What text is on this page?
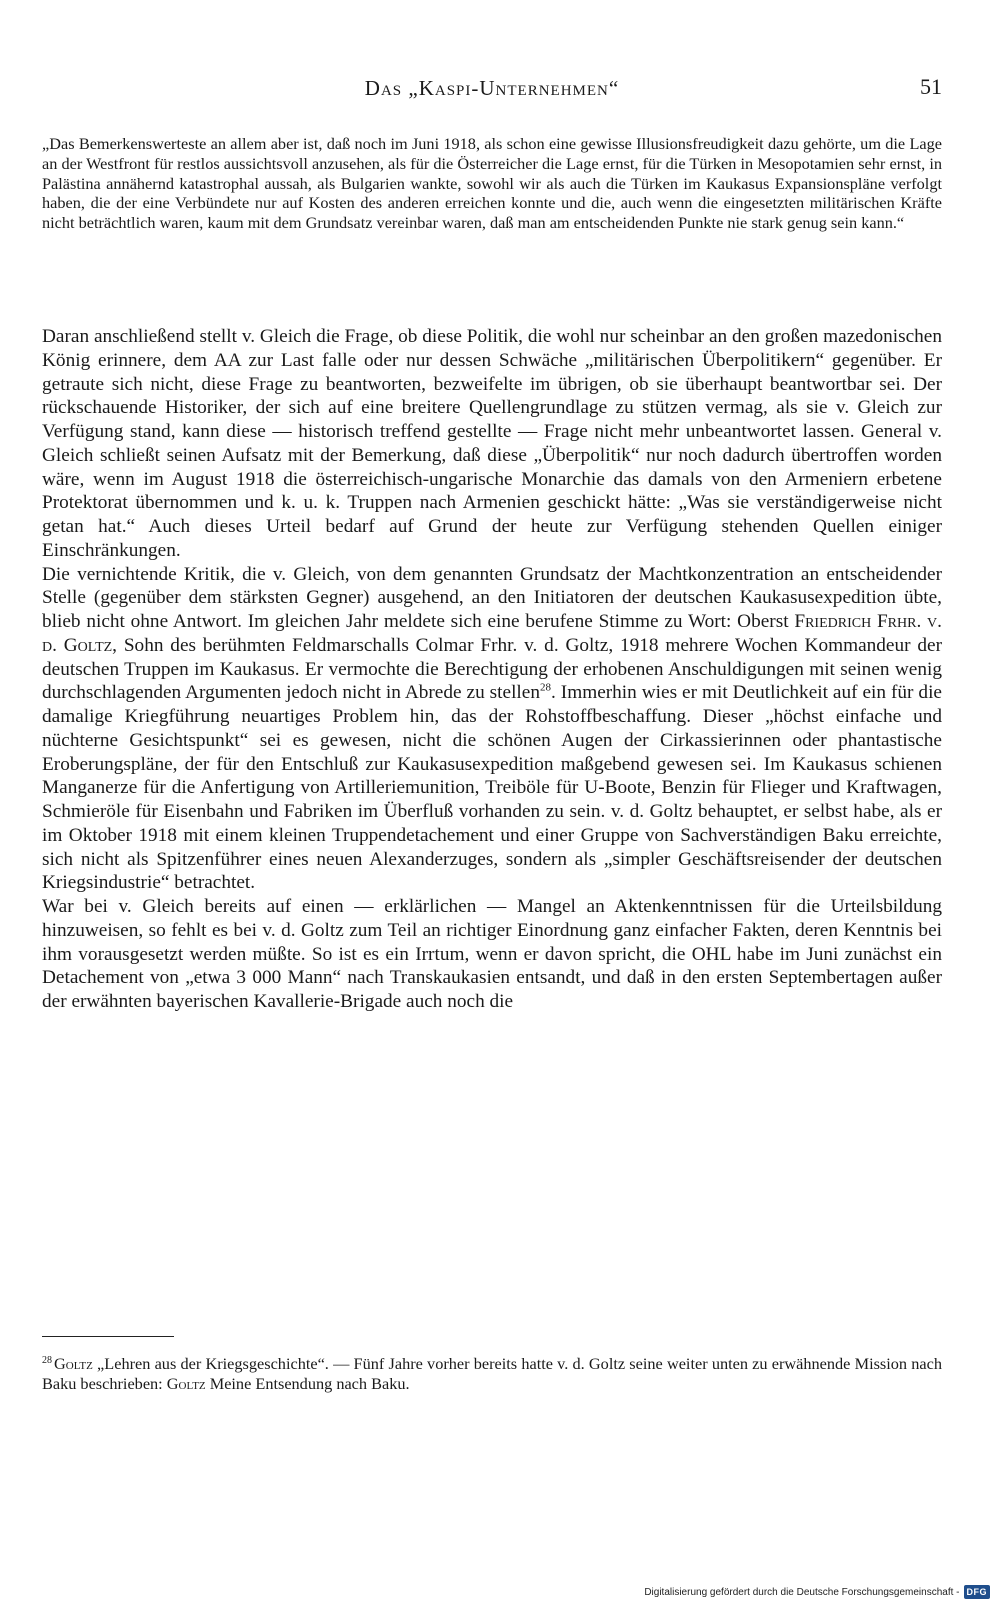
Das „Kaspi-Unternehmen“	51
„Das Bemerkenswerteste an allem aber ist, daß noch im Juni 1918, als schon eine gewisse Illusionsfreudigkeit dazu gehörte, um die Lage an der Westfront für restlos aussichtsvoll anzusehen, als für die Österreicher die Lage ernst, für die Türken in Mesopotamien sehr ernst, in Palästina annähernd katastrophal aussah, als Bulgarien wankte, sowohl wir als auch die Türken im Kaukasus Expansionspläne verfolgt haben, die der eine Verbündete nur auf Kosten des anderen erreichen konnte und die, auch wenn die eingesetzten militärischen Kräfte nicht beträchtlich waren, kaum mit dem Grundsatz vereinbar waren, daß man am entscheidenden Punkte nie stark genug sein kann.“

Daran anschließend stellt v. Gleich die Frage, ob diese Politik, die wohl nur scheinbar an den großen mazedonischen König erinnere, dem AA zur Last falle oder nur dessen Schwäche „militärischen Überpolitikern“ gegenüber. Er getraute sich nicht, diese Frage zu beantworten, bezweifelte im übrigen, ob sie überhaupt beantwortbar sei. Der rückschauende Historiker, der sich auf eine breitere Quellengrundlage zu stützen vermag, als sie v. Gleich zur Verfügung stand, kann diese — historisch treffend gestellte — Frage nicht mehr unbeantwortet lassen. General v. Gleich schließt seinen Aufsatz mit der Bemerkung, daß diese „Überpolitik“ nur noch dadurch übertroffen worden wäre, wenn im August 1918 die österreichisch-ungarische Monarchie das damals von den Armeniern erbetene Protektorat übernommen und k. u. k. Truppen nach Armenien geschickt hätte: „Was sie verständigerweise nicht getan hat.“ Auch dieses Urteil bedarf auf Grund der heute zur Verfügung stehenden Quellen einiger Einschränkungen.

Die vernichtende Kritik, die v. Gleich, von dem genannten Grundsatz der Machtkonzentration an entscheidender Stelle (gegenüber dem stärksten Gegner) ausgehend, an den Initiatoren der deutschen Kaukasusexpedition übte, blieb nicht ohne Antwort. Im gleichen Jahr meldete sich eine berufene Stimme zu Wort: Oberst Friedrich Frhr. v. d. Goltz, Sohn des berühmten Feldmarschalls Colmar Frhr. v. d. Goltz, 1918 mehrere Wochen Kommandeur der deutschen Truppen im Kaukasus. Er vermochte die Berechtigung der erhobenen Anschuldigungen mit seinen wenig durchschlagenden Argumenten jedoch nicht in Abrede zu stellen$^{28}$. Immerhin wies er mit Deutlichkeit auf ein für die damalige Kriegführung neuartiges Problem hin, das der Rohstoffbeschaffung. Dieser „höchst einfache und nüchterne Gesichtspunkt“ sei es gewesen, nicht die schönen Augen der Cirkassierinnen oder phantastische Eroberungspläne, der für den Entschluß zur Kaukasusexpedition maßgebend gewesen sei. Im Kaukasus schienen Manganerze für die Anfertigung von Artilleriemunition, Treiböle für U-Boote, Benzin für Flieger und Kraftwagen, Schmieröle für Eisenbahn und Fabriken im Überfluß vorhanden zu sein. v. d. Goltz behauptet, er selbst habe, als er im Oktober 1918 mit einem kleinen Truppendetachement und einer Gruppe von Sachverständigen Baku erreichte, sich nicht als Spitzenführer eines neuen Alexanderzuges, sondern als „simpler Geschäftsreisender der deutschen Kriegsindustrie“ betrachtet.

War bei v. Gleich bereits auf einen — erklärlichen — Mangel an Aktenkenntnissen für die Urteilsbildung hinzuweisen, so fehlt es bei v. d. Goltz zum Teil an richtiger Einordnung ganz einfacher Fakten, deren Kenntnis bei ihm vorausgesetzt werden müßte. So ist es ein Irrtum, wenn er davon spricht, die OHL habe im Juni zunächst ein Detachement von „etwa 3 000 Mann“ nach Transkaukasien entsandt, und daß in den ersten Septembertagen außer der erwähnten bayerischen Kavallerie-Brigade auch noch die

$^{28}$ Goltz „Lehren aus der Kriegsgeschichte“. — Fünf Jahre vorher bereits hatte v. d. Goltz seine weiter unten zu erwähnende Mission nach Baku beschrieben: Goltz Meine Entsendung nach Baku.

Digitalisierung gefördert durch die Deutsche Forschungsgemeinschaft - DFG
